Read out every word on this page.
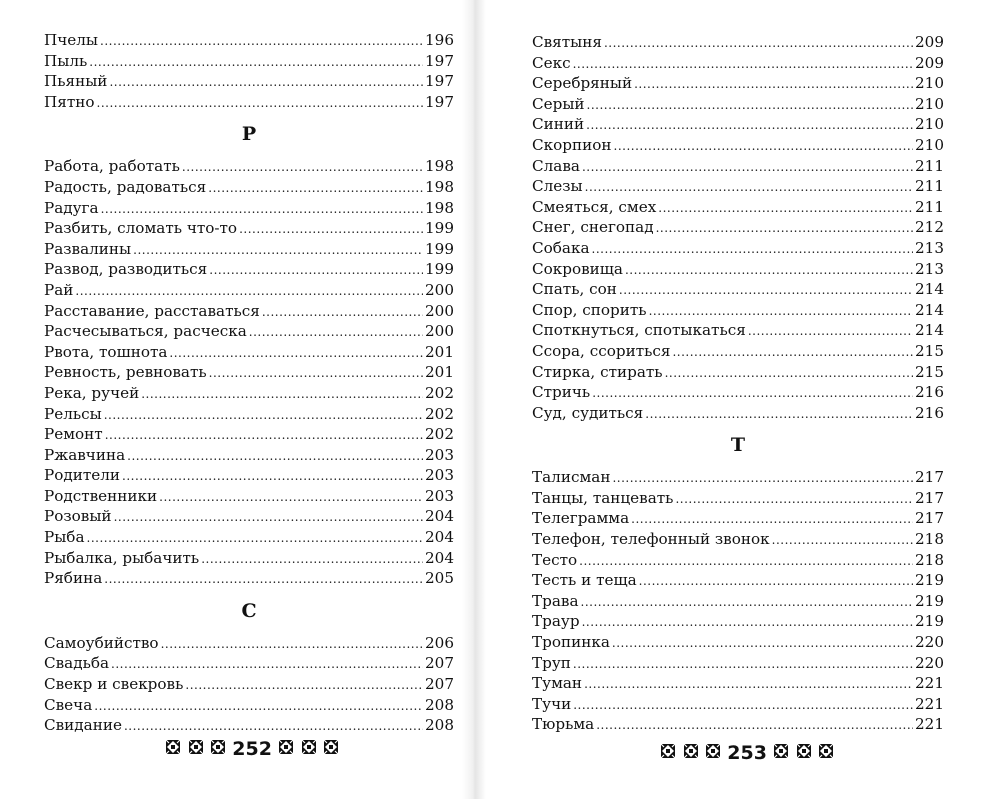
Пчелы .....	196
Пыль .....	197
Пьяный .....	197
Пятно .....	197
Р
Работа, работать .....	198
Радость, радоваться .....	198
Радуга .....	198
Разбить, сломать что-то .....	199
Развалины .....	199
Развод, разводиться .....	199
Рай .....	200
Расставание, расставаться .....	200
Расчесываться, расческа .....	200
Рвота, тошнота .....	201
Ревность, ревновать .....	201
Река, ручей .....	202
Рельсы .....	202
Ремонт .....	202
Ржавчина .....	203
Родители .....	203
Родственники .....	203
Розовый .....	204
Рыба .....	204
Рыбалка, рыбачить .....	204
Рябина .....	205
С
Самоубийство .....	206
Свадьба .....	207
Свекр и свекровь .....	207
Свеча .....	208
Свидание .....	208
Святыня .....	209
Секс .....	209
Серебряный .....	210
Серый .....	210
Синий .....	210
Скорпион .....	210
Слава .....	211
Слезы .....	211
Смеяться, смех .....	211
Снег, снегопад .....	212
Собака .....	213
Сокровища .....	213
Спать, сон .....	214
Спор, спорить .....	214
Споткнуться, спотыкаться .....	214
Ссора, ссориться .....	215
Стирка, стирать .....	215
Стричь .....	216
Суд, судиться .....	216
Т
Талисман .....	217
Танцы, танцевать .....	217
Телеграмма .....	217
Телефон, телефонный звонок .....	218
Тесто .....	218
Тесть и теща .....	219
Трава .....	219
Траур .....	219
Тропинка .....	220
Труп .....	220
Туман .....	221
Тучи .....	221
Тюрьма .....	221

252

	253
